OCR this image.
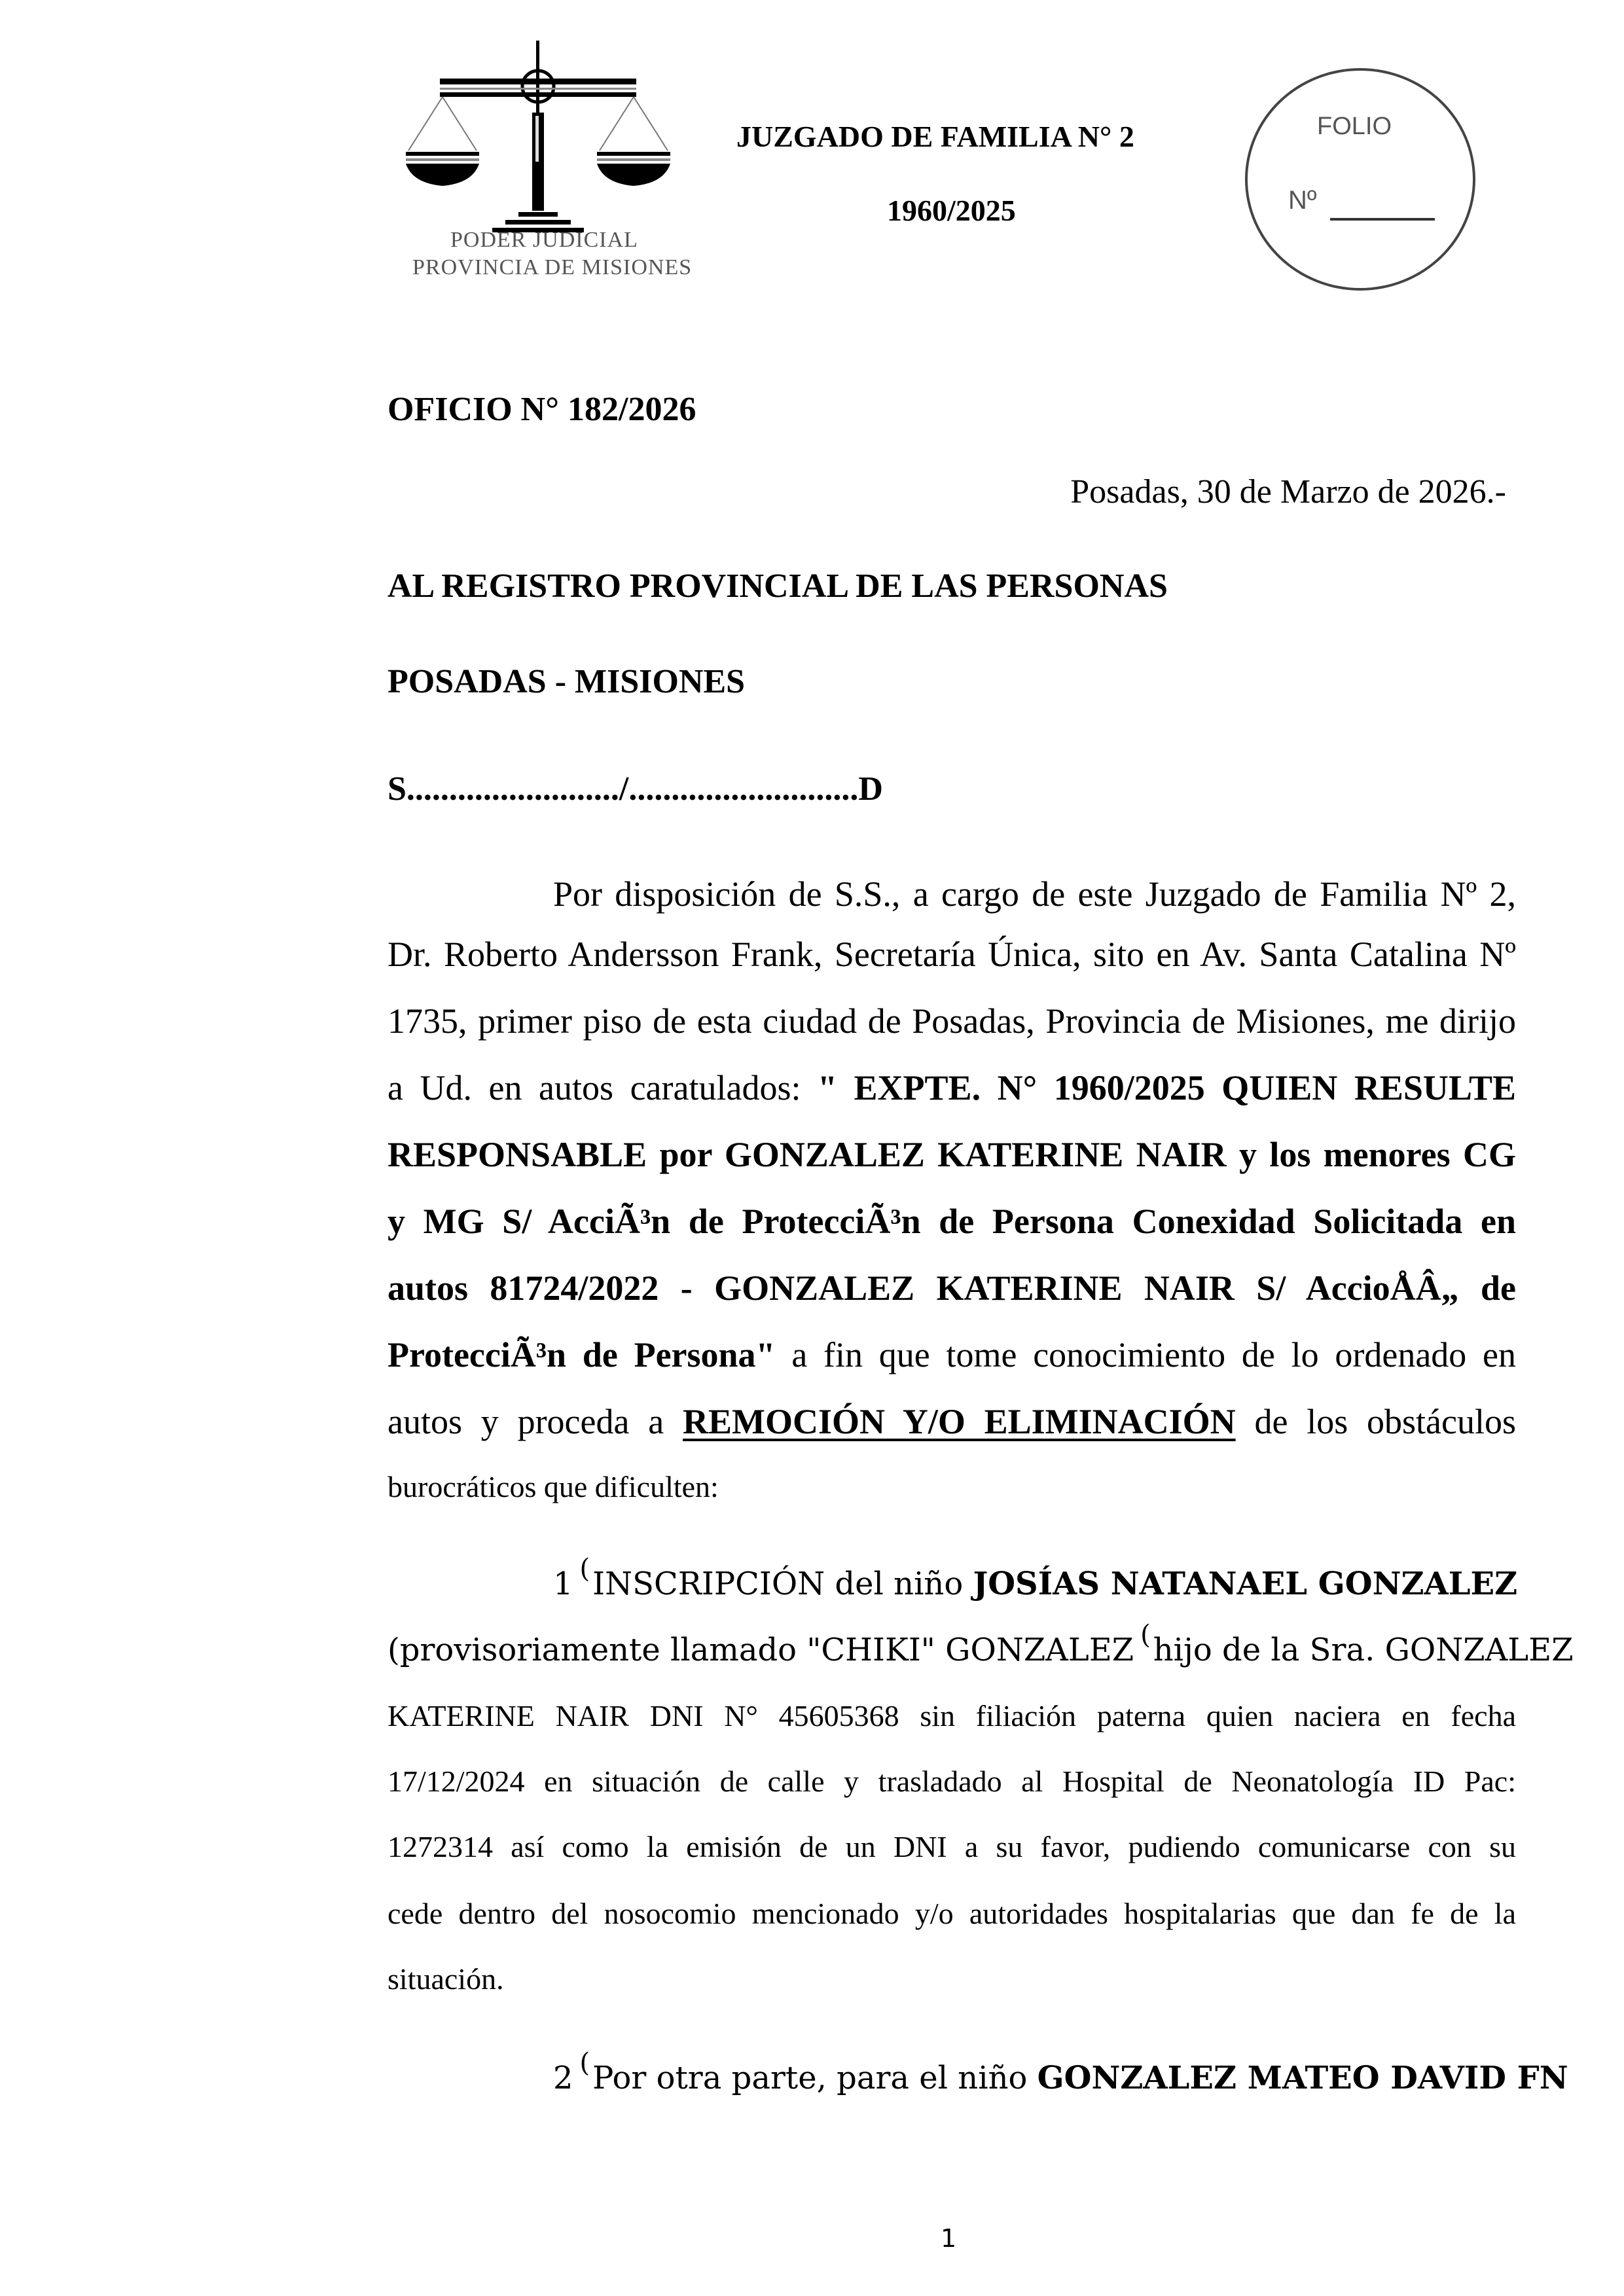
PODER JUDICIAL
PROVINCIA DE MISIONES
JUZGADO DE FAMILIA N° 2
1960/2025
FOLIO
Nº
OFICIO N° 182/2026
Posadas, 30 de Marzo de 2026.-
AL REGISTRO PROVINCIAL DE LAS PERSONAS
POSADAS - MISIONES
S........................./...........................D
Por disposición de S.S., a cargo de este Juzgado de Familia Nº 2,
Dr. Roberto Andersson Frank, Secretaría Única, sito en Av. Santa Catalina Nº
1735, primer piso de esta ciudad de Posadas, Provincia de Misiones, me dirijo
a Ud. en autos caratulados: " EXPTE. N° 1960/2025 QUIEN RESULTE
RESPONSABLE por GONZALEZ KATERINE NAIR y los menores CG
y MG S/ AcciÃ³n de ProtecciÃ³n de Persona Conexidad Solicitada en
autos 81724/2022 - GONZALEZ KATERINE NAIR S/ AccioÅÂ„ de
ProtecciÃ³n de Persona" a fin que tome conocimiento de lo ordenado en
autos y proceda a REMOCIÓN Y/O ELIMINACIÓN de los obstáculos
burocráticos que dificulten:
1 (INSCRIPCIÓN del niño JOSÍAS NATANAEL GONZALEZ
(provisoriamente llamado "CHIKI" GONZALEZ (hijo de la Sra. GONZALEZ
KATERINE NAIR DNI N° 45605368 sin filiación paterna quien naciera en fecha
17/12/2024 en situación de calle y trasladado al Hospital de Neonatología ID Pac:
1272314 así como la emisión de un DNI a su favor, pudiendo comunicarse con su
cede dentro del nosocomio mencionado y/o autoridades hospitalarias que dan fe de la
situación.
2 (Por otra parte, para el niño GONZALEZ MATEO DAVID FN
1
